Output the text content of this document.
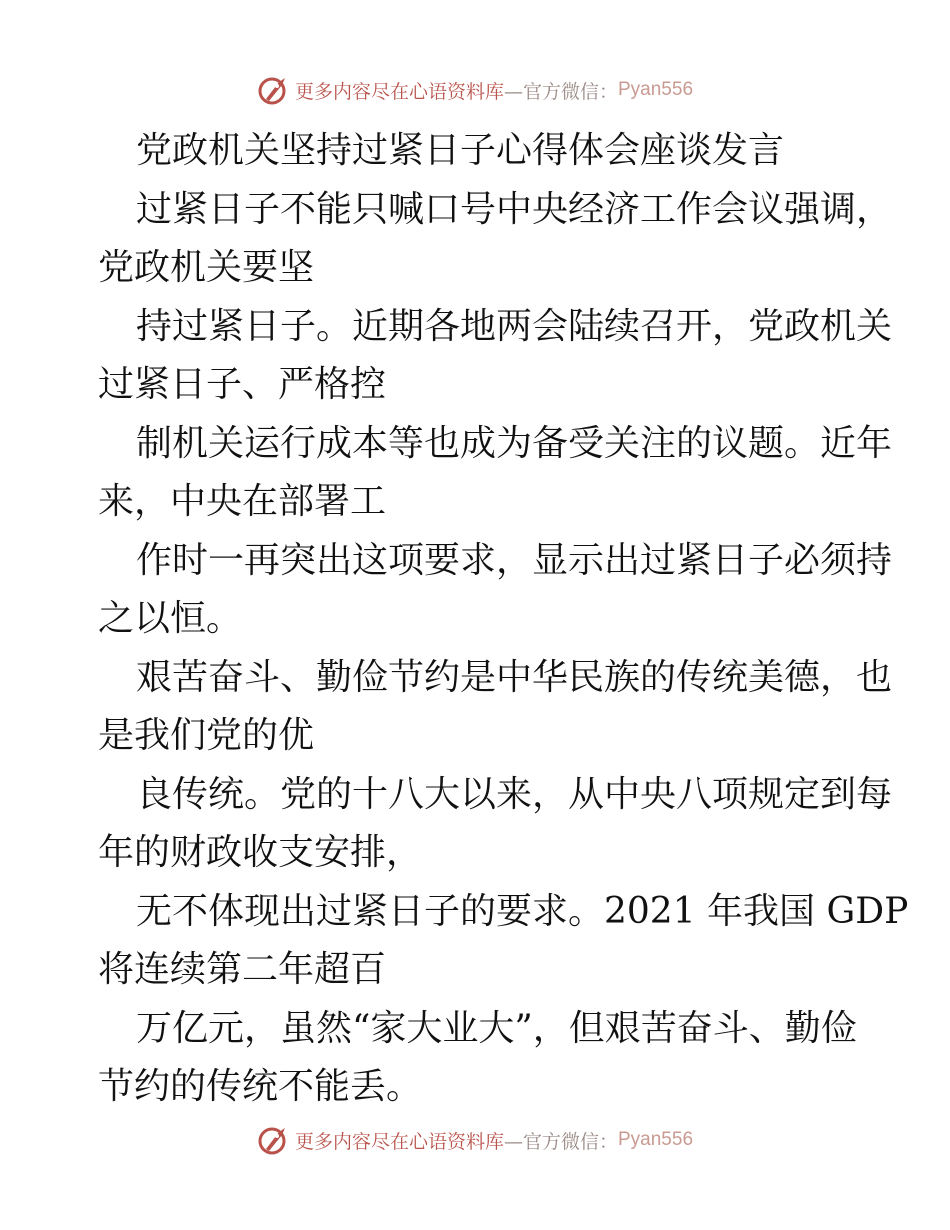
更多内容尽在心语资料库—官方微信： Pyan556
党政机关坚持过紧日子心得体会座谈发言
过紧日子不能只喊口号中央经济工作会议强调，
党政机关要坚
持过紧日子。近期各地两会陆续召开，党政机关
过紧日子、严格控
制机关运行成本等也成为备受关注的议题。近年
来，中央在部署工
作时一再突出这项要求，显示出过紧日子必须持
之以恒。
艰苦奋斗、勤俭节约是中华民族的传统美德，也
是我们党的优
良传统。党的十八大以来，从中央八项规定到每
年的财政收支安排，
无不体现出过紧日子的要求。2021 年我国 GDP
将连续第二年超百
万亿元，虽然“家大业大”，但艰苦奋斗、勤俭
节约的传统不能丢。
更多内容尽在心语资料库—官方微信： Pyan556
